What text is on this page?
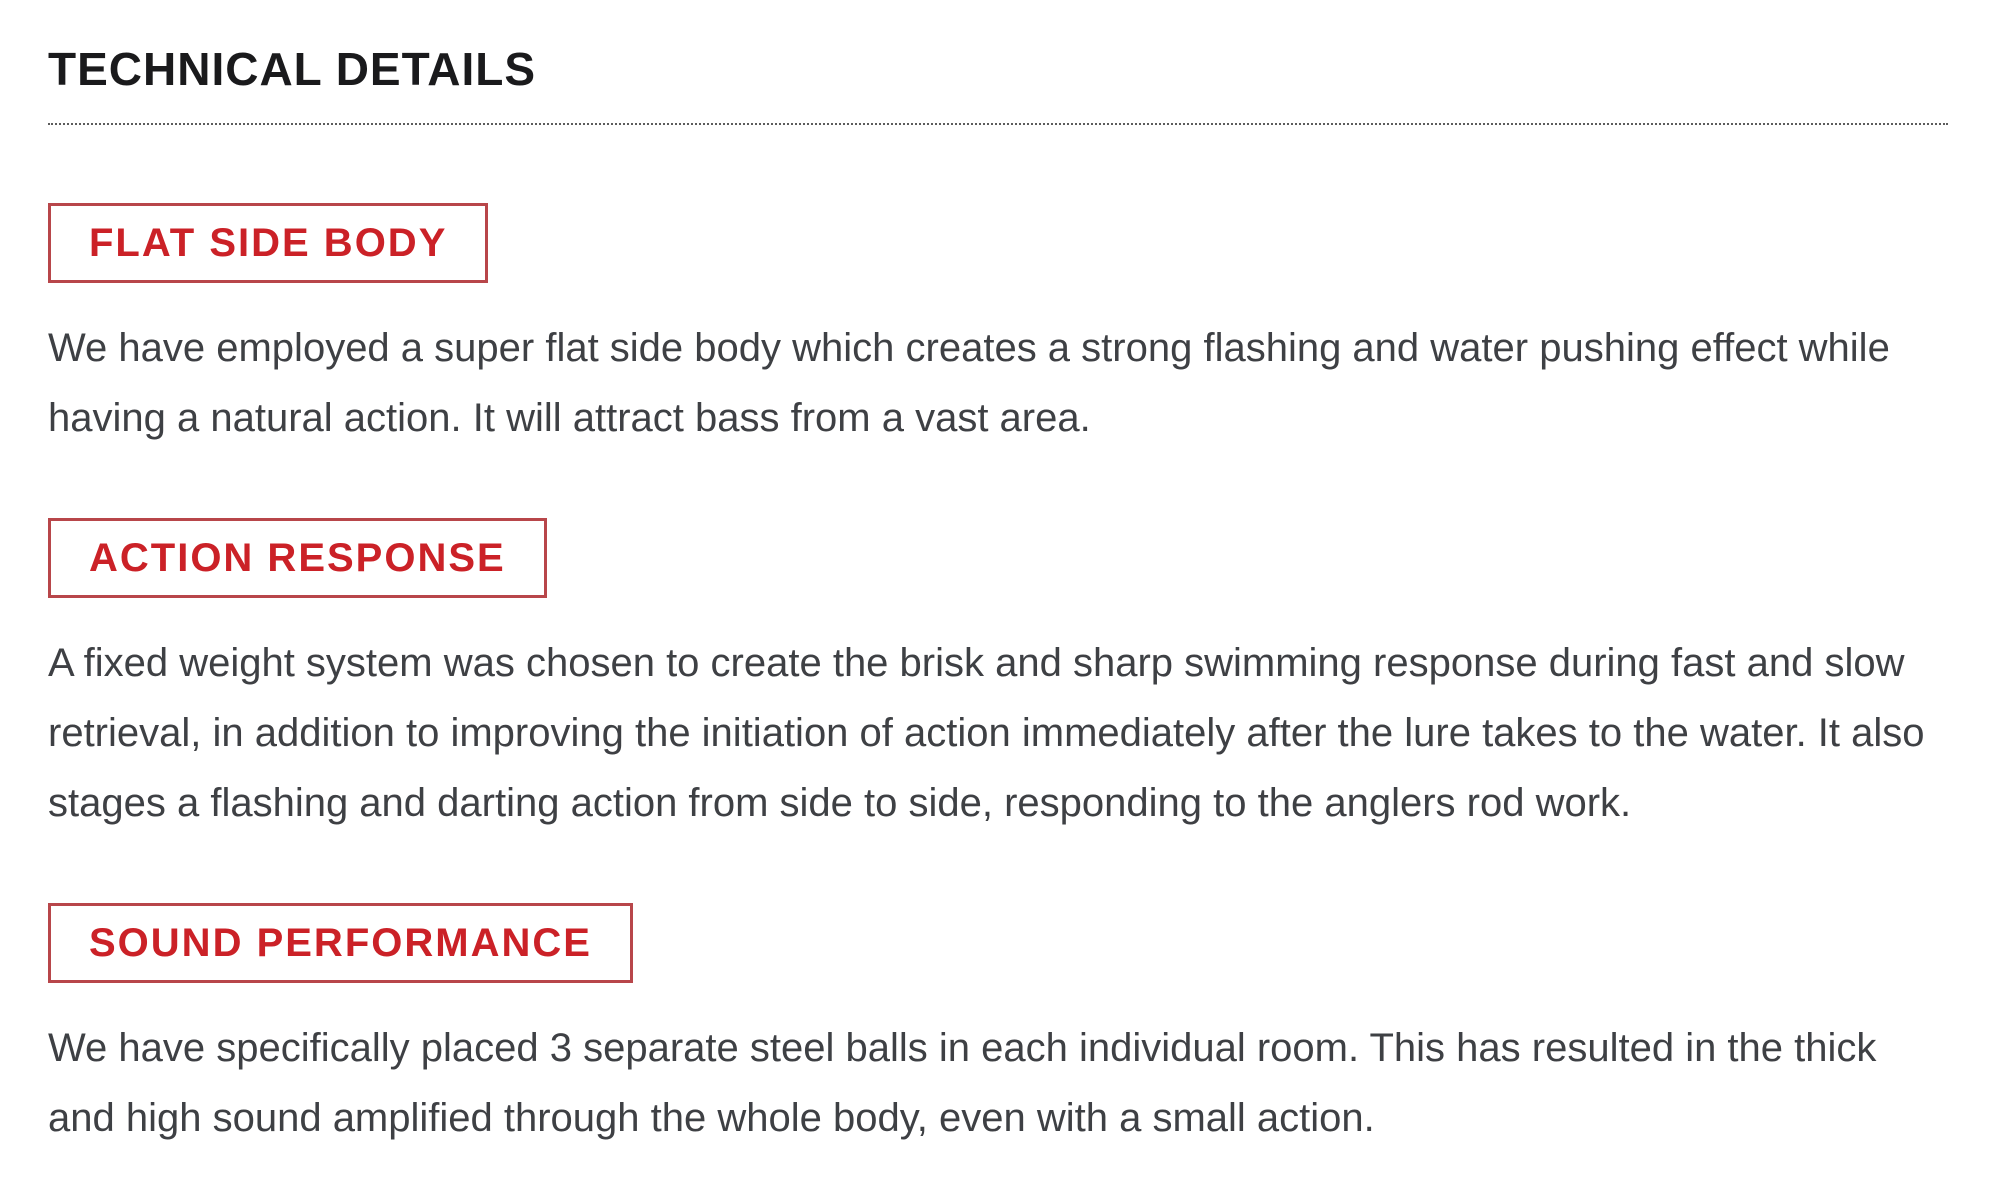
TECHNICAL DETAILS
FLAT SIDE BODY

We have employed a super flat side body which creates a strong flashing and water pushing effect while having a natural action. It will attract bass from a vast area.

ACTION RESPONSE

A fixed weight system was chosen to create the brisk and sharp swimming response during fast and slow retrieval, in addition to improving the initiation of action immediately after the lure takes to the water. It also stages a flashing and darting action from side to side, responding to the anglers rod work.

SOUND PERFORMANCE

We have specifically placed 3 separate steel balls in each individual room. This has resulted in the thick and high sound amplified through the whole body, even with a small action.
